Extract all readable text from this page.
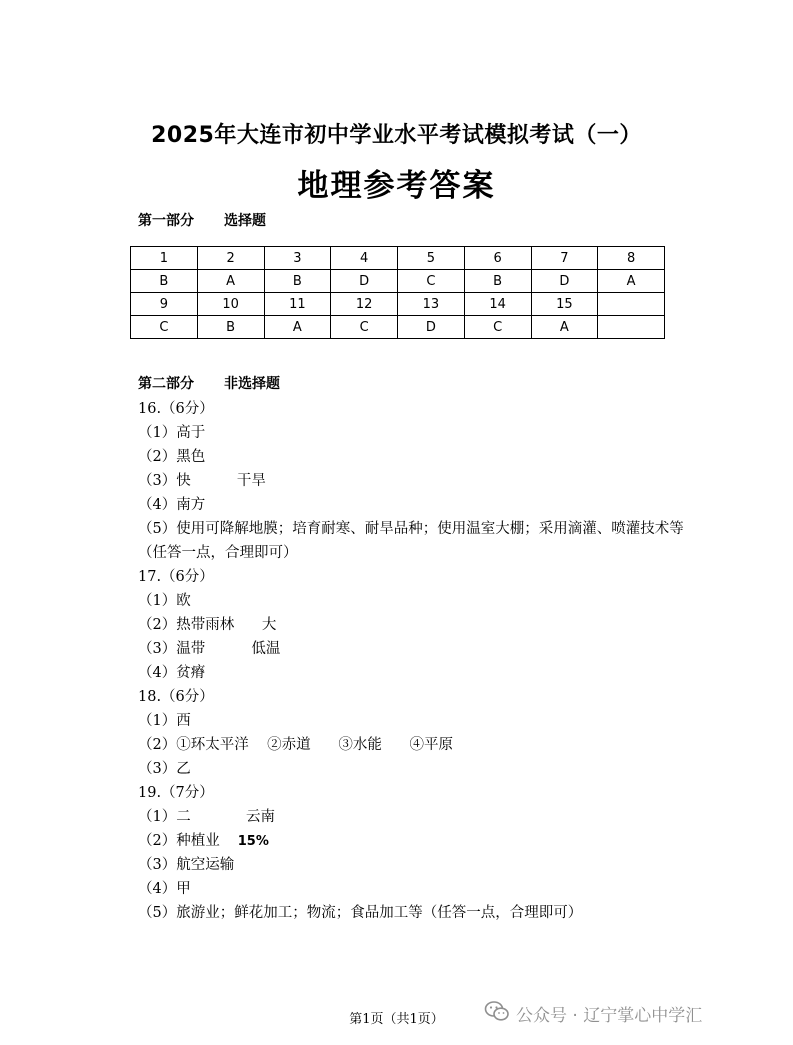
2025年大连市初中学业水平考试模拟考试（一）
地理参考答案
第一部分 选择题
1	2	3	4	5	6	7	8
B	A	B	D	C	B	D	A
9	10	11	12	13	14	15	
C	B	A	C	D	C	A	
第二部分 非选择题
16.（6分）
（1）高于
（2）黑色
（3）快          干旱
（4）南方
（5）使用可降解地膜；培育耐寒、耐旱品种；使用温室大棚；采用滴灌、喷灌技术等（任答一点，合理即可）
17.（6分）
（1）欧
（2）热带雨林      大
（3）温带          低温
（4）贫瘠
18.（6分）
（1）西
（2）①环太平洋    ②赤道      ③水能      ④平原
（3）乙
19.（7分）
（1）二            云南
（2）种植业 15%
（3）航空运输
（4）甲
（5）旅游业；鲜花加工；物流；食品加工等（任答一点，合理即可）
第1页（共1页）	公众号 · 辽宁掌心中学汇
